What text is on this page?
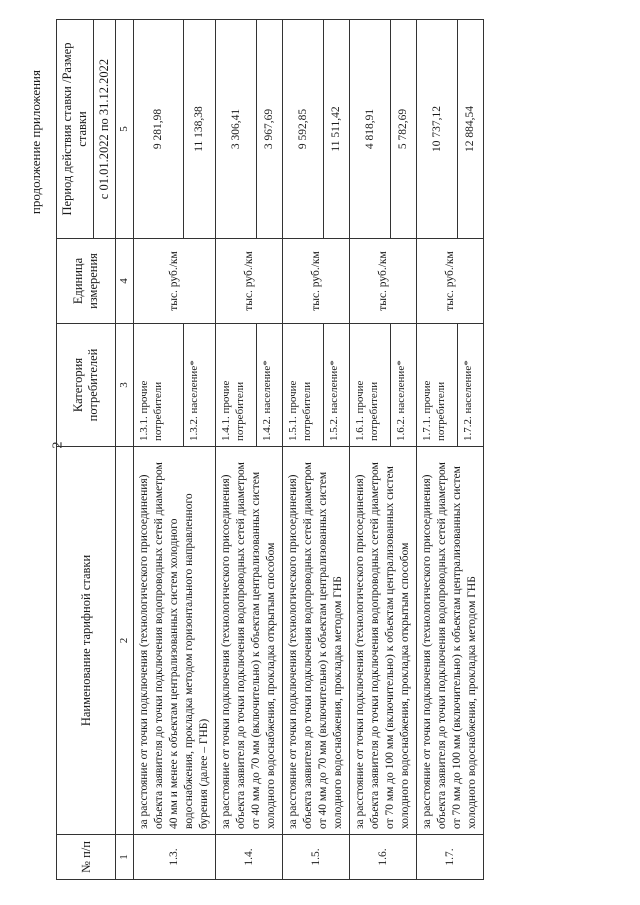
2
продолжение приложения
№ п/п	Наименование тарифной ставки	Категория потребителей	Единица измерения	Период действия ставки /Размер ставки
				с 01.01.2022 по 31.12.2022
1	2	3	4	5
1.3.	за расстояние от точки подключения (технологического присоединения) объекта заявителя до точки подключения водопроводных сетей диаметром 40 мм и менее к объектам централизованных систем холодного водоснабжения, прокладка методом горизонтального направленного бурения (далее – ГНБ)	1.3.1. прочие потребители	тыс. руб./км	9 281,98
		1.3.2. население*		11 138,38
1.4.	за расстояние от точки подключения (технологического присоединения) объекта заявителя до точки подключения водопроводных сетей диаметром от 40 мм до 70 мм (включительно) к объектам централизованных систем холодного водоснабжения, прокладка открытым способом	1.4.1. прочие потребители	тыс. руб./км	3 306,41
		1.4.2. население*		3 967,69
1.5.	за расстояние от точки подключения (технологического присоединения) объекта заявителя до точки подключения водопроводных сетей диаметром от 40 мм до 70 мм (включительно) к объектам централизованных систем холодного водоснабжения, прокладка методом ГНБ	1.5.1. прочие потребители	тыс. руб./км	9 592,85
		1.5.2. население*		11 511,42
1.6.	за расстояние от точки подключения (технологического присоединения) объекта заявителя до точки подключения водопроводных сетей диаметром от 70 мм до 100 мм (включительно) к объектам централизованных систем холодного водоснабжения, прокладка открытым способом	1.6.1. прочие потребители	тыс. руб./км	4 818,91
		1.6.2. население*		5 782,69
1.7.	за расстояние от точки подключения (технологического присоединения) объекта заявителя до точки подключения водопроводных сетей диаметром от 70 мм до 100 мм (включительно) к объектам централизованных систем холодного водоснабжения, прокладка методом ГНБ	1.7.1. прочие потребители	тыс. руб./км	10 737,12
		1.7.2. население*		12 884,54
